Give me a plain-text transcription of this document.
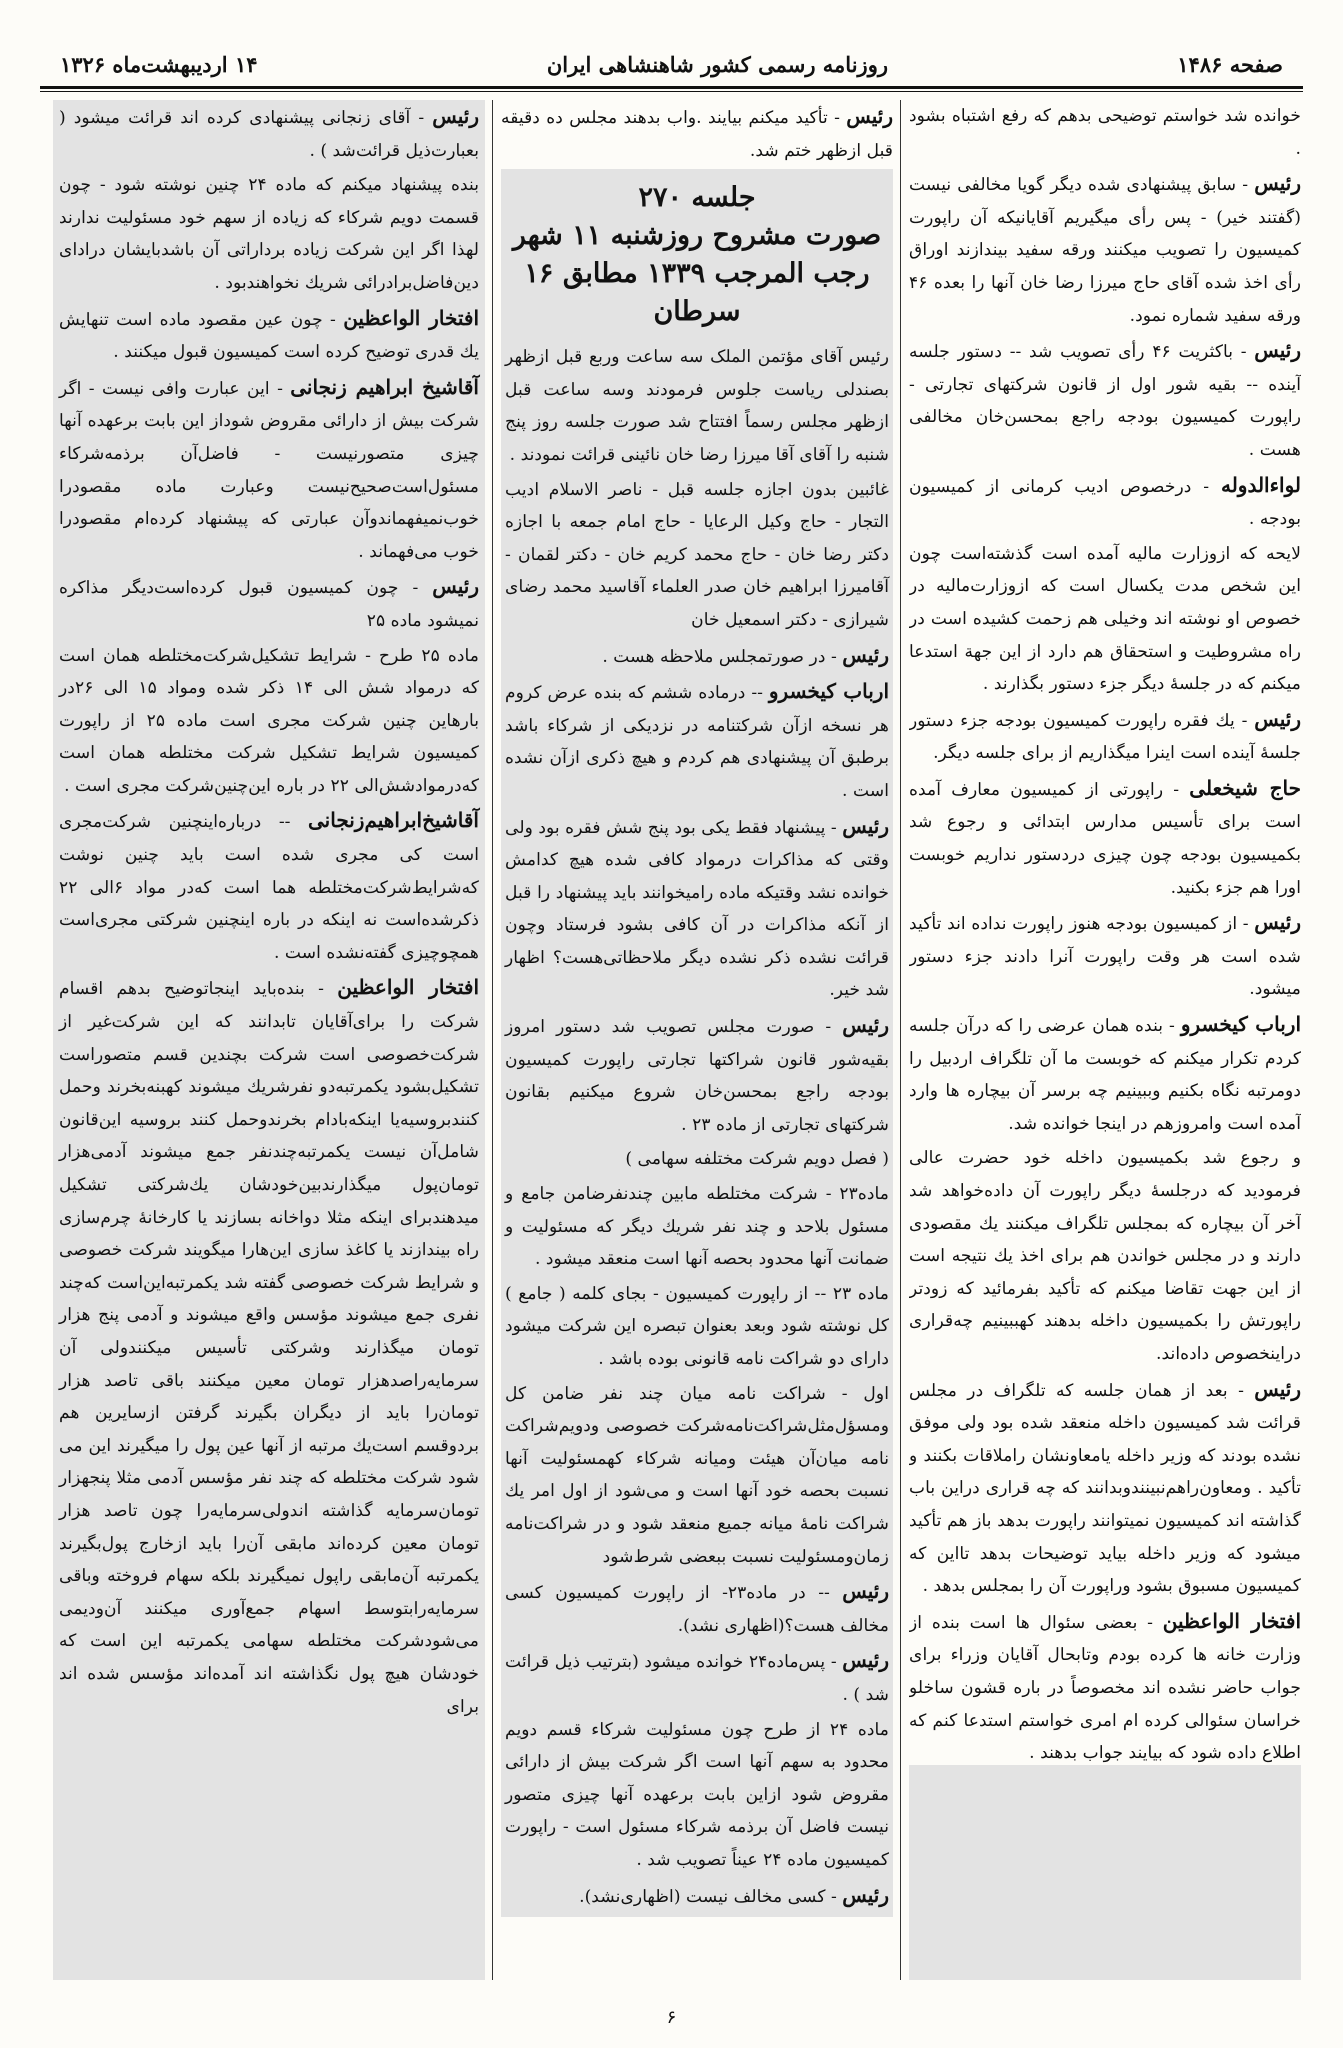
صفحه ۱۴۸۶
روزنامه رسمی کشور شاهنشاهی ایران
۱۴ اردیبهشت‌ماه ۱۳۲۶

خوانده شد خواستم توضیحی بدهم که رفع اشتباه بشود .

رئیس - سابق پیشنهادی شده دیگر گویا مخالفی نیست (گفتند خیر) - پس رأی میگیریم آقایانیکه آن راپورت کمیسیون را تصویب میکنند ورقه سفید بیندازند اوراق رأی اخذ شده آقای حاج میرزا رضا خان آنها را بعده ۴۶ ورقه سفید شماره نمود.

رئیس - باکثریت ۴۶ رأی تصویب شد -- دستور جلسه آینده -- بقیه شور اول از قانون شرکتهای تجارتی - راپورت کمیسیون بودجه راجع بمحسن‌خان مخالفی هست .

لواءالدوله - درخصوص ادیب کرمانی از کمیسیون بودجه .

لایحه که ازوزارت مالیه آمده است گذشته‌است چون این شخص مدت یکسال است که ازوزارت‌مالیه در خصوص او نوشته اند وخیلی هم زحمت کشیده است در راه مشروطیت و استحقاق هم دارد از این جهة استدعا میکنم که در جلسهٔ دیگر جزء دستور بگذارند .

رئیس - یك فقره راپورت کمیسیون بودجه جزء دستور جلسهٔ آینده است اینرا میگذاریم از برای جلسه دیگر.

حاج شیخعلی - راپورتی از کمیسیون معارف آمده است برای تأسیس مدارس ابتدائی و رجوع شد بکمیسیون بودجه چون چیزی دردستور نداریم خوبست اورا هم جزء بکنید.

رئیس - از کمیسیون بودجه هنوز راپورت نداده اند تأکید شده است هر وقت راپورت آنرا دادند جزء دستور میشود.

ارباب کیخسرو - بنده همان عرضی را که درآن جلسه کردم تکرار میکنم که خوبست ما آن تلگراف اردبیل را دومرتبه نگاه بکنیم وببینیم چه برسر آن بیچاره ها وارد آمده است وامروزهم در اینجا خوانده شد.

و رجوع شد بکمیسیون داخله خود حضرت عالی فرمودید که درجلسهٔ دیگر راپورت آن داده‌خواهد شد آخر آن بیچاره که بمجلس تلگراف میکنند یك مقصودی دارند و در مجلس خواندن هم برای اخذ یك نتیجه است از این جهت تقاضا میکنم که تأکید بفرمائید که زودتر راپورتش را بکمیسیون داخله بدهند کهببینیم چه‌قراری دراینخصوص داده‌اند.

رئیس - بعد از همان جلسه که تلگراف در مجلس قرائت شد کمیسیون داخله منعقد شده بود ولی موفق نشده بودند که وزیر داخله یامعاونشان راملاقات بکنند و تأکید . ومعاون‌راهم‌نبینندو‌بدانند که چه قراری دراین باب گذاشته اند کمیسیون نمیتوانند راپورت بدهد باز هم تأکید میشود که وزیر داخله بیاید توضیحات بدهد تااین که کمیسیون مسبوق بشود وراپورت آن را بمجلس بدهد .

افتخار الواعظین - بعضی سئوال ها است بنده از وزارت خانه ها کرده بودم وتابحال آقایان وزراء برای جواب حاضر نشده اند مخصوصاً در باره قشون ساخلو خراسان سئوالی کرده ام امری خواستم استدعا کنم که اطلاع داده شود که بیایند جواب بدهند .

رئیس - تأکید میکنم بیایند .واب بدهند مجلس ده دقیقه قبل ازظهر ختم شد.

جلسه ۲۷۰
صورت مشروح روزشنبه ۱۱ شهر رجب المرجب ۱۳۳۹ مطابق ۱۶ سرطان

رئیس آقای مؤتمن الملک سه ساعت وربع قبل ازظهر بصندلی ریاست جلوس فرمودند وسه ساعت قبل ازظهر مجلس رسماً افتتاح شد صورت جلسه روز پنج شنبه را آقای آقا میرزا رضا خان نائینی قرائت نمودند .

غائبین بدون اجازه جلسه قبل - ناصر الاسلام ادیب التجار - حاج وکیل الرعایا - حاج امام جمعه با اجازه دکتر رضا خان - حاج محمد کریم خان - دکتر لقمان - آقامیرزا ابراهیم خان صدر العلماء آقاسید محمد رضای شیرازی - دکتر اسمعیل خان

رئیس - در صورتمجلس ملاحظه هست .

ارباب کیخسرو -- درماده ششم که بنده عرض کروم هر نسخه ازآن شرکتنامه در نزدیکی از شرکاء باشد برطبق آن پیشنهادی هم کردم و هیچ ذکری ازآن نشده است .

رئیس - پیشنهاد فقط یکی بود پنج شش فقره بود ولی وقتی که مذاکرات درمواد کافی شده هیچ کدامش خوانده نشد وقتیکه ماده رامیخوانند باید پیشنهاد را قبل از آنکه مذاکرات در آن کافی بشود فرستاد وچون قرائت نشده ذکر نشده دیگر ملاحظاتی‌هست؟ اظهار شد خیر.

رئیس - صورت مجلس تصویب شد دستور امروز بقیه‌شور قانون شراکتها تجارتی راپورت کمیسیون بودجه راجع بمحسن‌خان شروع میکنیم بقانون شرکتهای تجارتی از ماده ۲۳ .

( فصل دویم شرکت مختلفه سهامی )

ماده۲۳ - شرکت مختلطه مابین چندنفرضامن جامع و مسئول بلاحد و چند نفر شریك دیگر که مسئولیت و ضمانت آنها محدود بحصه آنها است منعقد میشود .

ماده ۲۳ -- از راپورت کمیسیون - بجای کلمه ( جامع ) کل نوشته شود وبعد بعنوان تبصره این شرکت میشود دارای دو شراکت نامه قانونی بوده باشد .

اول - شراکت نامه میان چند نفر ضامن کل ومسؤل‌مثل‌شراکت‌نامه‌شرکت خصوصی ودویم‌شراکت نامه میان‌آن هیئت ومیانه شرکاء کهمسئولیت آنها نسبت بحصه خود آنها است و می‌شود از اول امر یك شراکت نامهٔ میانه جمیع منعقد شود و در شراکت‌نامه زمان‌ومسئولیت نسبت ببعضی شرط‌شود

رئیس -- در ماده۲۳- از راپورت کمیسیون کسی مخالف هست؟(اظهاری نشد).

رئیس - پس‌ماده۲۴ خوانده میشود (بترتیب ذیل قرائت شد ) .

ماده ۲۴ از طرح چون مسئولیت شرکاء قسم دویم محدود به سهم آنها است اگر شرکت بیش از دارائی مقروض شود ازاین بابت برعهده آنها چیزی متصور نیست فاضل آن برذمه شرکاء مسئول است - راپورت کمیسیون ماده ۲۴ عیناً تصویب شد .

رئیس - کسی مخالف نیست (اظهاری‌نشد).

رئیس - آقای زنجانی پیشنهادی کرده اند قرائت میشود ( بعبارت‌ذیل قرائت‌شد ) .

بنده پیشنهاد میکنم که ماده ۲۴ چنین نوشته شود - چون قسمت دویم شرکاء که زیاده از سهم خود مسئولیت ندارند لهذا اگر این شرکت زیاده برداراتی آن باشدبایشان درادای دین‌فاضل‌برادرائی شریك نخواهند‌بود .

افتخار الواعظین - چون عین مقصود ماده است تنهایش یك قدری توضیح کرده است کمیسیون قبول میکنند .

آقاشیخ ابراهیم زنجانی - این عبارت وافی نیست - اگر شرکت بیش از دارائی مقروض شوداز این بابت برعهده آنها چیزی متصورنیست - فاضل‌آن برذمه‌شرکاء مسئول‌است‌صحیح‌نیست وعبارت ماده مقصودرا خوب‌نمیفهماندوآن عبارتی که پیشنهاد کرده‌ام مقصودرا خوب می‌فهماند .

رئیس - چون کمیسیون قبول کرده‌است‌دیگر مذاکره نمیشود ماده ۲۵

ماده ۲۵ طرح - شرایط تشکیل‌شرکت‌مختلطه همان است که درمواد شش الی ۱۴ ذکر شده ومواد ۱۵ الی ۲۶در بارهاین چنین شرکت مجری است ماده ۲۵ از راپورت کمیسیون شرایط تشکیل شرکت مختلطه همان است که‌درمواد‌شش‌الی ۲۲ در باره این‌چنین‌شرکت مجری است .

آقاشیخ‌ابراهیم‌زنجانی -- در‌باره‌اینچنین شرکت‌مجری است کی مجری شده است باید چنین نوشت که‌شرایط‌شرکت‌مختلطه هما است که‌در مواد ۶الی ۲۲ ذکرشده‌است نه اینکه در باره اینچنین شرکتی مجری‌است همچوچیزی گفته‌نشده است .

افتخار الواعظین - بنده‌باید اینجاتوضیح بدهم اقسام شرکت را برای‌آقایان تابدانند که این شرکت‌غیر از شرکت‌خصوصی است شرکت بچندین قسم متصوراست تشکیل‌بشود یکمرتبه‌دو نفرشریك میشوند کهبنه‌بخرند وحمل کنندبروسیه‌یا اینکه‌بادام بخرندوحمل کنند بروسیه این‌قانون شامل‌آن نیست یکمرتبه‌چندنفر جمع میشوند آدمی‌هزار تومان‌پول میگذارندبین‌خودشان یك‌شرکتی تشکیل میدهندبرای اینکه مثلا دواخانه بسازند یا کارخانهٔ چرم‌سازی راه بیندازند یا کاغذ سازی این‌ها‌را میگویند شرکت خصوصی و شرایط شرکت خصوصی گفته شد یکمرتبه‌این‌است که‌چند نفری جمع میشوند مؤسس واقع میشوند و آدمی پنج هزار تومان میگذارند وشرکتی تأسیس میکنندولی آن سرمایه‌راصدهزار تومان معین میکنند باقی تاصد هزار تومان‌را باید از دیگران بگیرند گرفتن ازسایرین هم بردوقسم است‌یك مرتبه از آنها عین پول را میگیرند این می شود شرکت مختلطه که چند نفر مؤسس آدمی مثلا پنجهزار تومان‌سرمایه گذاشته اندولی‌سرمایه‌را چون تاصد هزار تومان معین کرده‌اند مابقی آن‌را باید ازخارج پول‌بگیرند یکمرتبه آن‌مابقی راپول نمیگیرند بلکه سهام فروخته وباقی سرمایه‌رابتوسط اسهام جمع‌آوری میکنند آن‌ودیمی می‌شودشرکت مختلطه سهامی یکمرتبه این است که خودشان هیچ پول نگذاشته اند آمده‌اند مؤسس شده اند برای

۶
